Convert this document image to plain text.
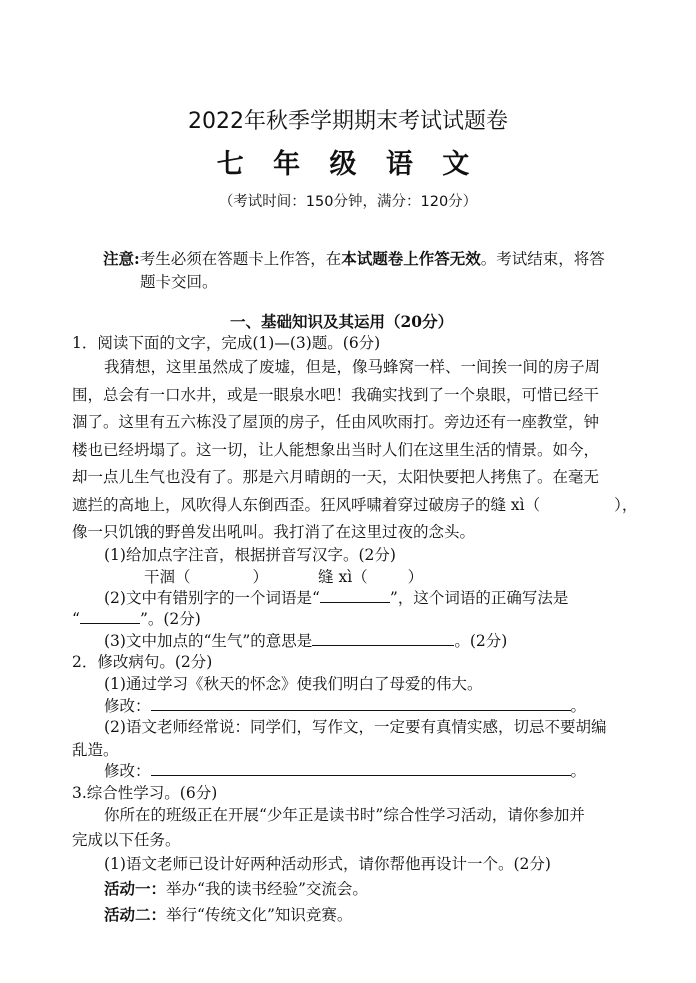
2022年秋季学期期末考试试题卷
七 年 级 语 文
（考试时间：150分钟，满分：120分）
注意:考生必须在答题卡上作答，在本试题卷上作答无效。考试结束，将答
题卡交回。
一、基础知识及其运用（20分）
1．阅读下面的文字，完成(1)—(3)题。(6分)
我猜想，这里虽然成了废墟，但是，像马蜂窝一样、一间挨一间的房子周
围，总会有一口水井，或是一眼泉水吧！我确实找到了一个泉眼，可惜已经干
涸了。这里有五六栋没了屋顶的房子，任由风吹雨打。旁边还有一座教堂，钟
楼也已经坍塌了。这一切，让人能想象出当时人们在这里生活的情景。如今，
却一点儿生气也没有了。那是六月晴朗的一天，太阳快要把人拷焦了。在毫无
遮拦的高地上，风吹得人东倒西歪。狂风呼啸着穿过破房子的缝 xì（	），
像一只饥饿的野兽发出吼叫。我打消了在这里过夜的念头。
(1)给加点字注音，根据拼音写汉字。(2分)
干涸（	）	缝 xì（	）
(2)文中有错别字的一个词语是“	”，这个词语的正确写法是
“	”。(2分)
(3)文中加点的“生气”的意思是	。(2分)
2．修改病句。(2分)
(1)通过学习《秋天的怀念》使我们明白了母爱的伟大。
修改：	。
(2)语文老师经常说：同学们，写作文，一定要有真情实感，切忌不要胡编
乱造。
修改：	。
3.综合性学习。(6分)
你所在的班级正在开展“少年正是读书时”综合性学习活动，请你参加并
完成以下任务。
(1)语文老师已设计好两种活动形式，请你帮他再设计一个。(2分)
活动一：举办“我的读书经验”交流会。
活动二：举行“传统文化”知识竞赛。
